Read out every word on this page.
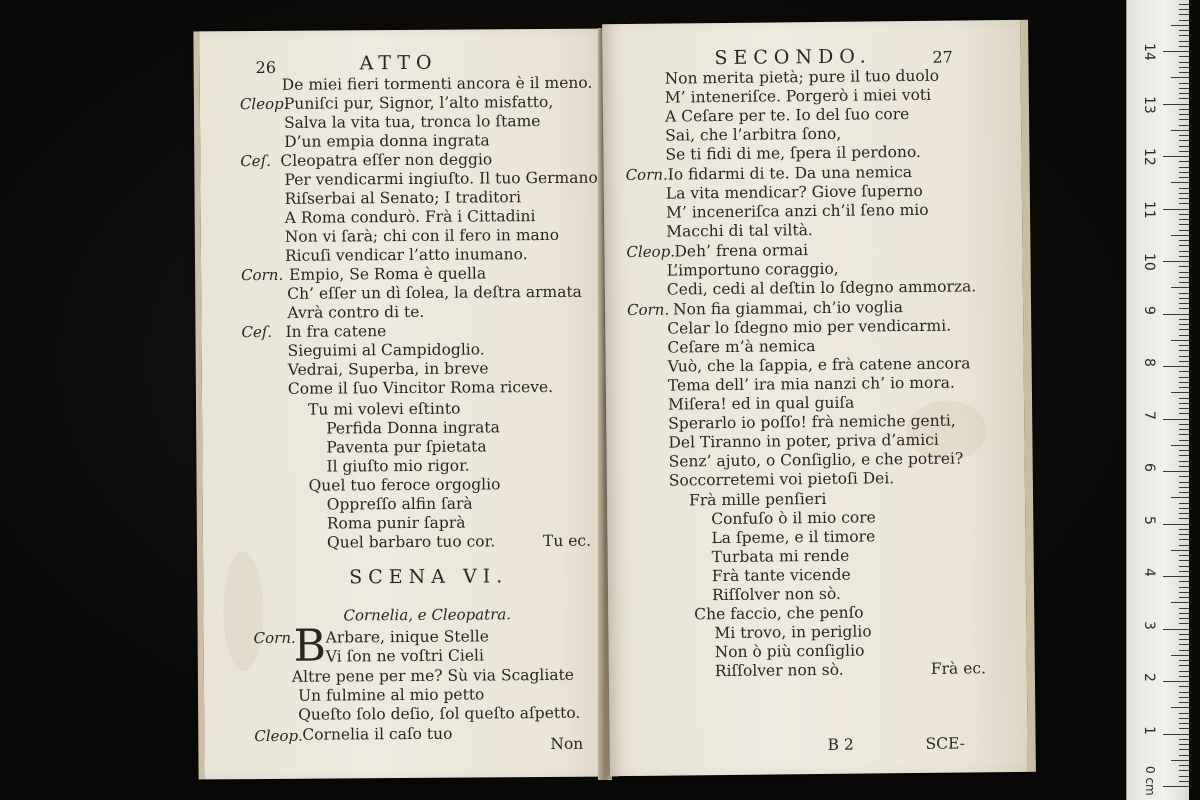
26	ATTO
Cleop.
Ceſ.
Corn.
Ceſ.
De miei fieri tormenti ancora è il meno.
Puniſci pur, Signor, l’alto misfatto,
Salva la vita tua, tronca lo ſtame
D’un empia donna ingrata
Cleopatra eſſer non deggio
Per vendicarmi ingiuſto. Il tuo Germano
Riſserbai al Senato; I traditori
A Roma condurò. Frà i Cittadini
Non vi ſarà; chi con il fero in mano
Ricuſi vendicar l’atto inumano.
Empio, Se Roma è quella
Ch’ eſſer un dì ſolea, la deſtra armata
Avrà contro di te.
In fra catene
Sieguimi al Campidoglio.
Vedrai, Superba, in breve
Come il ſuo Vincitor Roma riceve.
Tu mi volevi eſtinto
Perfida Donna ingrata
Paventa pur ſpietata
Il giuſto mio rigor.
Quel tuo feroce orgoglio
Oppreſſo alfin ſarà
Roma punir ſaprà
Quel barbaro tuo cor.	Tu ec.
SCENA VI.
Cornelia, e Cleopatra.
Corn.
B Arbare, inique Stelle
Vi ſon ne voſtri Cieli
Altre pene per me? Sù via Scagliate
Un fulmine al mio petto
Queſto ſolo deſio, ſol queſto aſpetto.
Cleop. Cornelia il caſo tuo
Non
SECONDO.	27
Non merita pietà; pure il tuo duolo
M’ inteneriſce. Porgerò i miei voti
A Ceſare per te. Io del ſuo core
Sai, che l’arbitra ſono,
Se ti fidi di me, ſpera il perdono.
Corn. Io fidarmi di te. Da una nemica
La vita mendicar? Giove ſuperno
M’ inceneriſca anzi ch’il ſeno mio
Macchi di tal viltà.
Cleop. Deh’ frena ormai
L’importuno coraggio,
Cedi, cedi al deſtin lo ſdegno ammorza.
Corn. Non fia giammai, ch’io voglia
Celar lo ſdegno mio per vendicarmi.
Ceſare m’à nemica
Vuò, che la ſappia, e frà catene ancora
Tema dell’ ira mia nanzi ch’ io mora.
Miſera! ed in qual guiſa
Sperarlo io poſſo! frà nemiche genti,
Del Tiranno in poter, priva d’amici
Senz’ ajuto, o Conſiglio, e che potrei?
Soccorretemi voi pietoſi Dei.
Frà mille penſieri
Confuſo ò il mio core
La ſpeme, e il timore
Turbata mi rende
Frà tante vicende
Riſſolver non sò.
Che faccio, che penſo
Mi trovo, in periglio
Non ò più conſiglio
Riſſolver non sò.	Frà ec.
B 2	SCE-
14
13
12
11
10
9
8
7
6
5
4
3
2
1
0 cm
